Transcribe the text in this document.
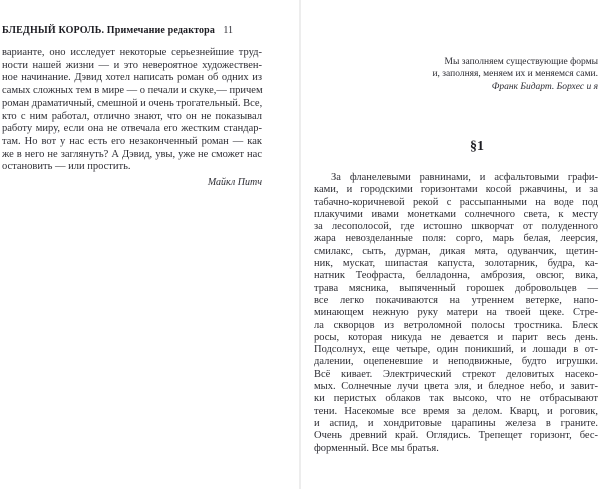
БЛЕДНЫЙ КОРОЛЬ. Примечание редактора 11
варианте, оно исследует некоторые серьезнейшие труд-
ности нашей жизни — и это невероятное художествен-
ное начинание. Дэвид хотел написать роман об одних из
самых сложных тем в мире — о печали и скуке,— причем
роман драматичный, смешной и очень трогательный. Все,
кто с ним работал, отлично знают, что он не показывал
работу миру, если она не отвечала его жестким стандар-
там. Но вот у нас есть его незаконченный роман — как
же в него не заглянуть? А Дэвид, увы, уже не сможет нас
остановить — или простить.
Майкл Питч
Мы заполняем существующие формы
и, заполняя, меняем их и меняемся сами.
Франк Бидарт. Борхес и я
§1
За фланелевыми равнинами, и асфальтовыми графи-
ками, и городскими горизонтами косой ржавчины, и за
табачно-коричневой рекой с рассыпанными на воде под
плакучими ивами монетками солнечного света, к месту
за лесополосой, где истошно шкворчат от полуденного
жара невозделанные поля: сорго, марь белая, леерсия,
смилакс, сыть, дурман, дикая мята, одуванчик, щетин-
ник, мускат, шипастая капуста, золотарник, будра, ка-
натник Теофраста, белладонна, амброзия, овсюг, вика,
трава мясника, выпяченный горошек добровольцев —
все легко покачиваются на утреннем ветерке, напо-
минающем нежную руку матери на твоей щеке. Стре-
ла скворцов из ветроломной полосы тростника. Блеск
росы, которая никуда не девается и па́рит весь день.
Подсолнух, еще четыре, один поникший, и лошади в от-
далении, оцепеневшие и неподвижные, будто игрушки.
Всё кивает. Электрический стрекот деловитых насеко-
мых. Солнечные лучи цвета эля, и бледное небо, и завит-
ки перистых облаков так высоко, что не отбрасывают
тени. Насекомые все время за делом. Кварц, и роговик,
и аспид, и хондритовые царапины железа в граните.
Очень древний край. Оглядись. Трепещет горизонт, бес-
форменный. Все мы братья.
